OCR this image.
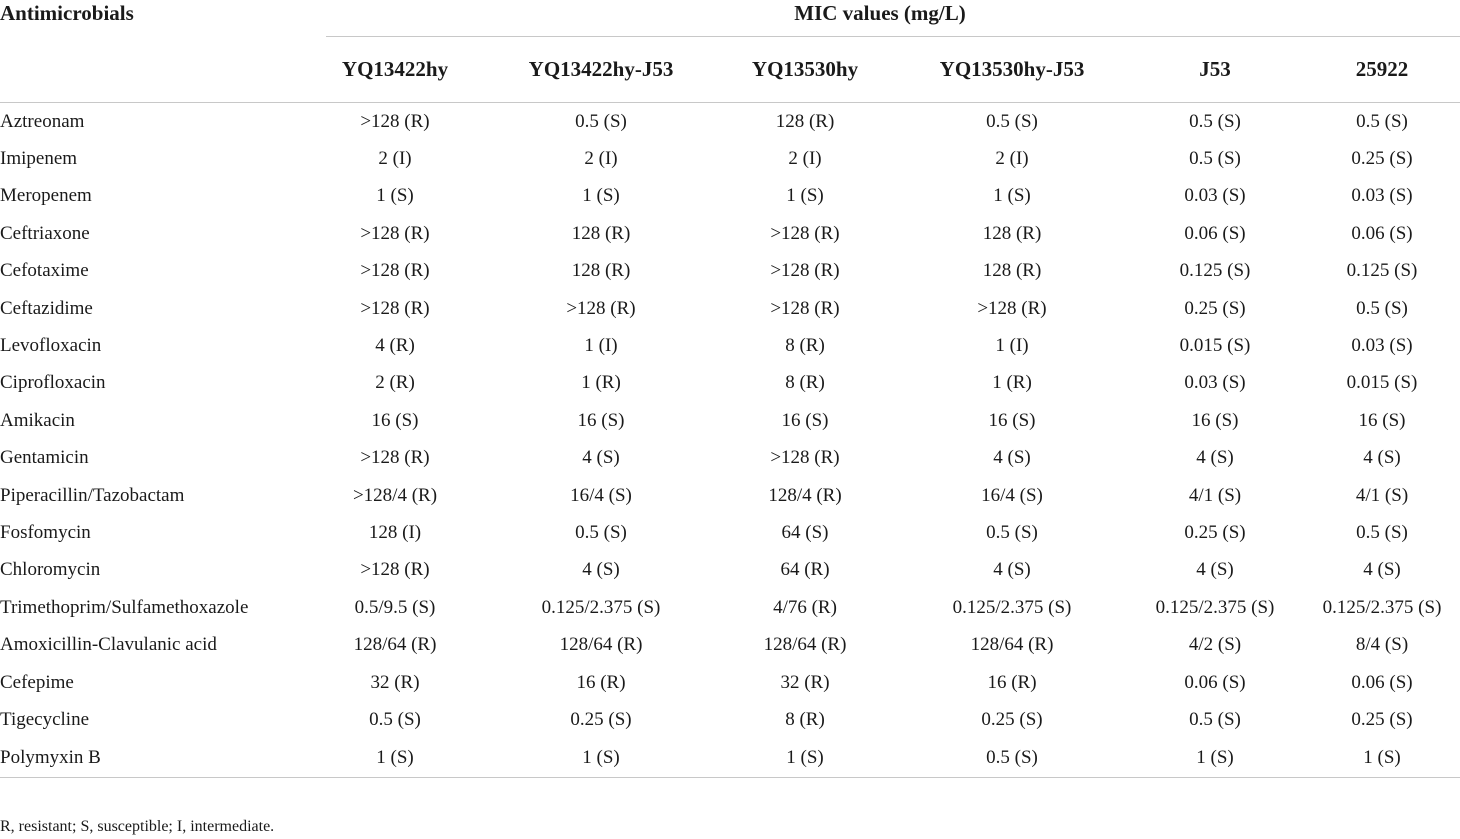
Antimicrobials	MIC values (mg/L)					

	YQ13422hy	YQ13422hy-J53	YQ13530hy	YQ13530hy-J53	J53	25922
Aztreonam	>128 (R)	0.5 (S)	128 (R)	0.5 (S)	0.5 (S)	0.5 (S)
Imipenem	2 (I)	2 (I)	2 (I)	2 (I)	0.5 (S)	0.25 (S)
Meropenem	1 (S)	1 (S)	1 (S)	1 (S)	0.03 (S)	0.03 (S)
Ceftriaxone	>128 (R)	128 (R)	>128 (R)	128 (R)	0.06 (S)	0.06 (S)
Cefotaxime	>128 (R)	128 (R)	>128 (R)	128 (R)	0.125 (S)	0.125 (S)
Ceftazidime	>128 (R)	>128 (R)	>128 (R)	>128 (R)	0.25 (S)	0.5 (S)
Levofloxacin	4 (R)	1 (I)	8 (R)	1 (I)	0.015 (S)	0.03 (S)
Ciprofloxacin	2 (R)	1 (R)	8 (R)	1 (R)	0.03 (S)	0.015 (S)
Amikacin	16 (S)	16 (S)	16 (S)	16 (S)	16 (S)	16 (S)
Gentamicin	>128 (R)	4 (S)	>128 (R)	4 (S)	4 (S)	4 (S)
Piperacillin/Tazobactam	>128/4 (R)	16/4 (S)	128/4 (R)	16/4 (S)	4/1 (S)	4/1 (S)
Fosfomycin	128 (I)	0.5 (S)	64 (S)	0.5 (S)	0.25 (S)	0.5 (S)
Chloromycin	>128 (R)	4 (S)	64 (R)	4 (S)	4 (S)	4 (S)
Trimethoprim/Sulfamethoxazole	0.5/9.5 (S)	0.125/2.375 (S)	4/76 (R)	0.125/2.375 (S)	0.125/2.375 (S)	0.125/2.375 (S)
Amoxicillin-Clavulanic acid	128/64 (R)	128/64 (R)	128/64 (R)	128/64 (R)	4/2 (S)	8/4 (S)
Cefepime	32 (R)	16 (R)	32 (R)	16 (R)	0.06 (S)	0.06 (S)
Tigecycline	0.5 (S)	0.25 (S)	8 (R)	0.25 (S)	0.5 (S)	0.25 (S)
Polymyxin B	1 (S)	1 (S)	1 (S)	0.5 (S)	1 (S)	1 (S)
R, resistant; S, susceptible; I, intermediate.
